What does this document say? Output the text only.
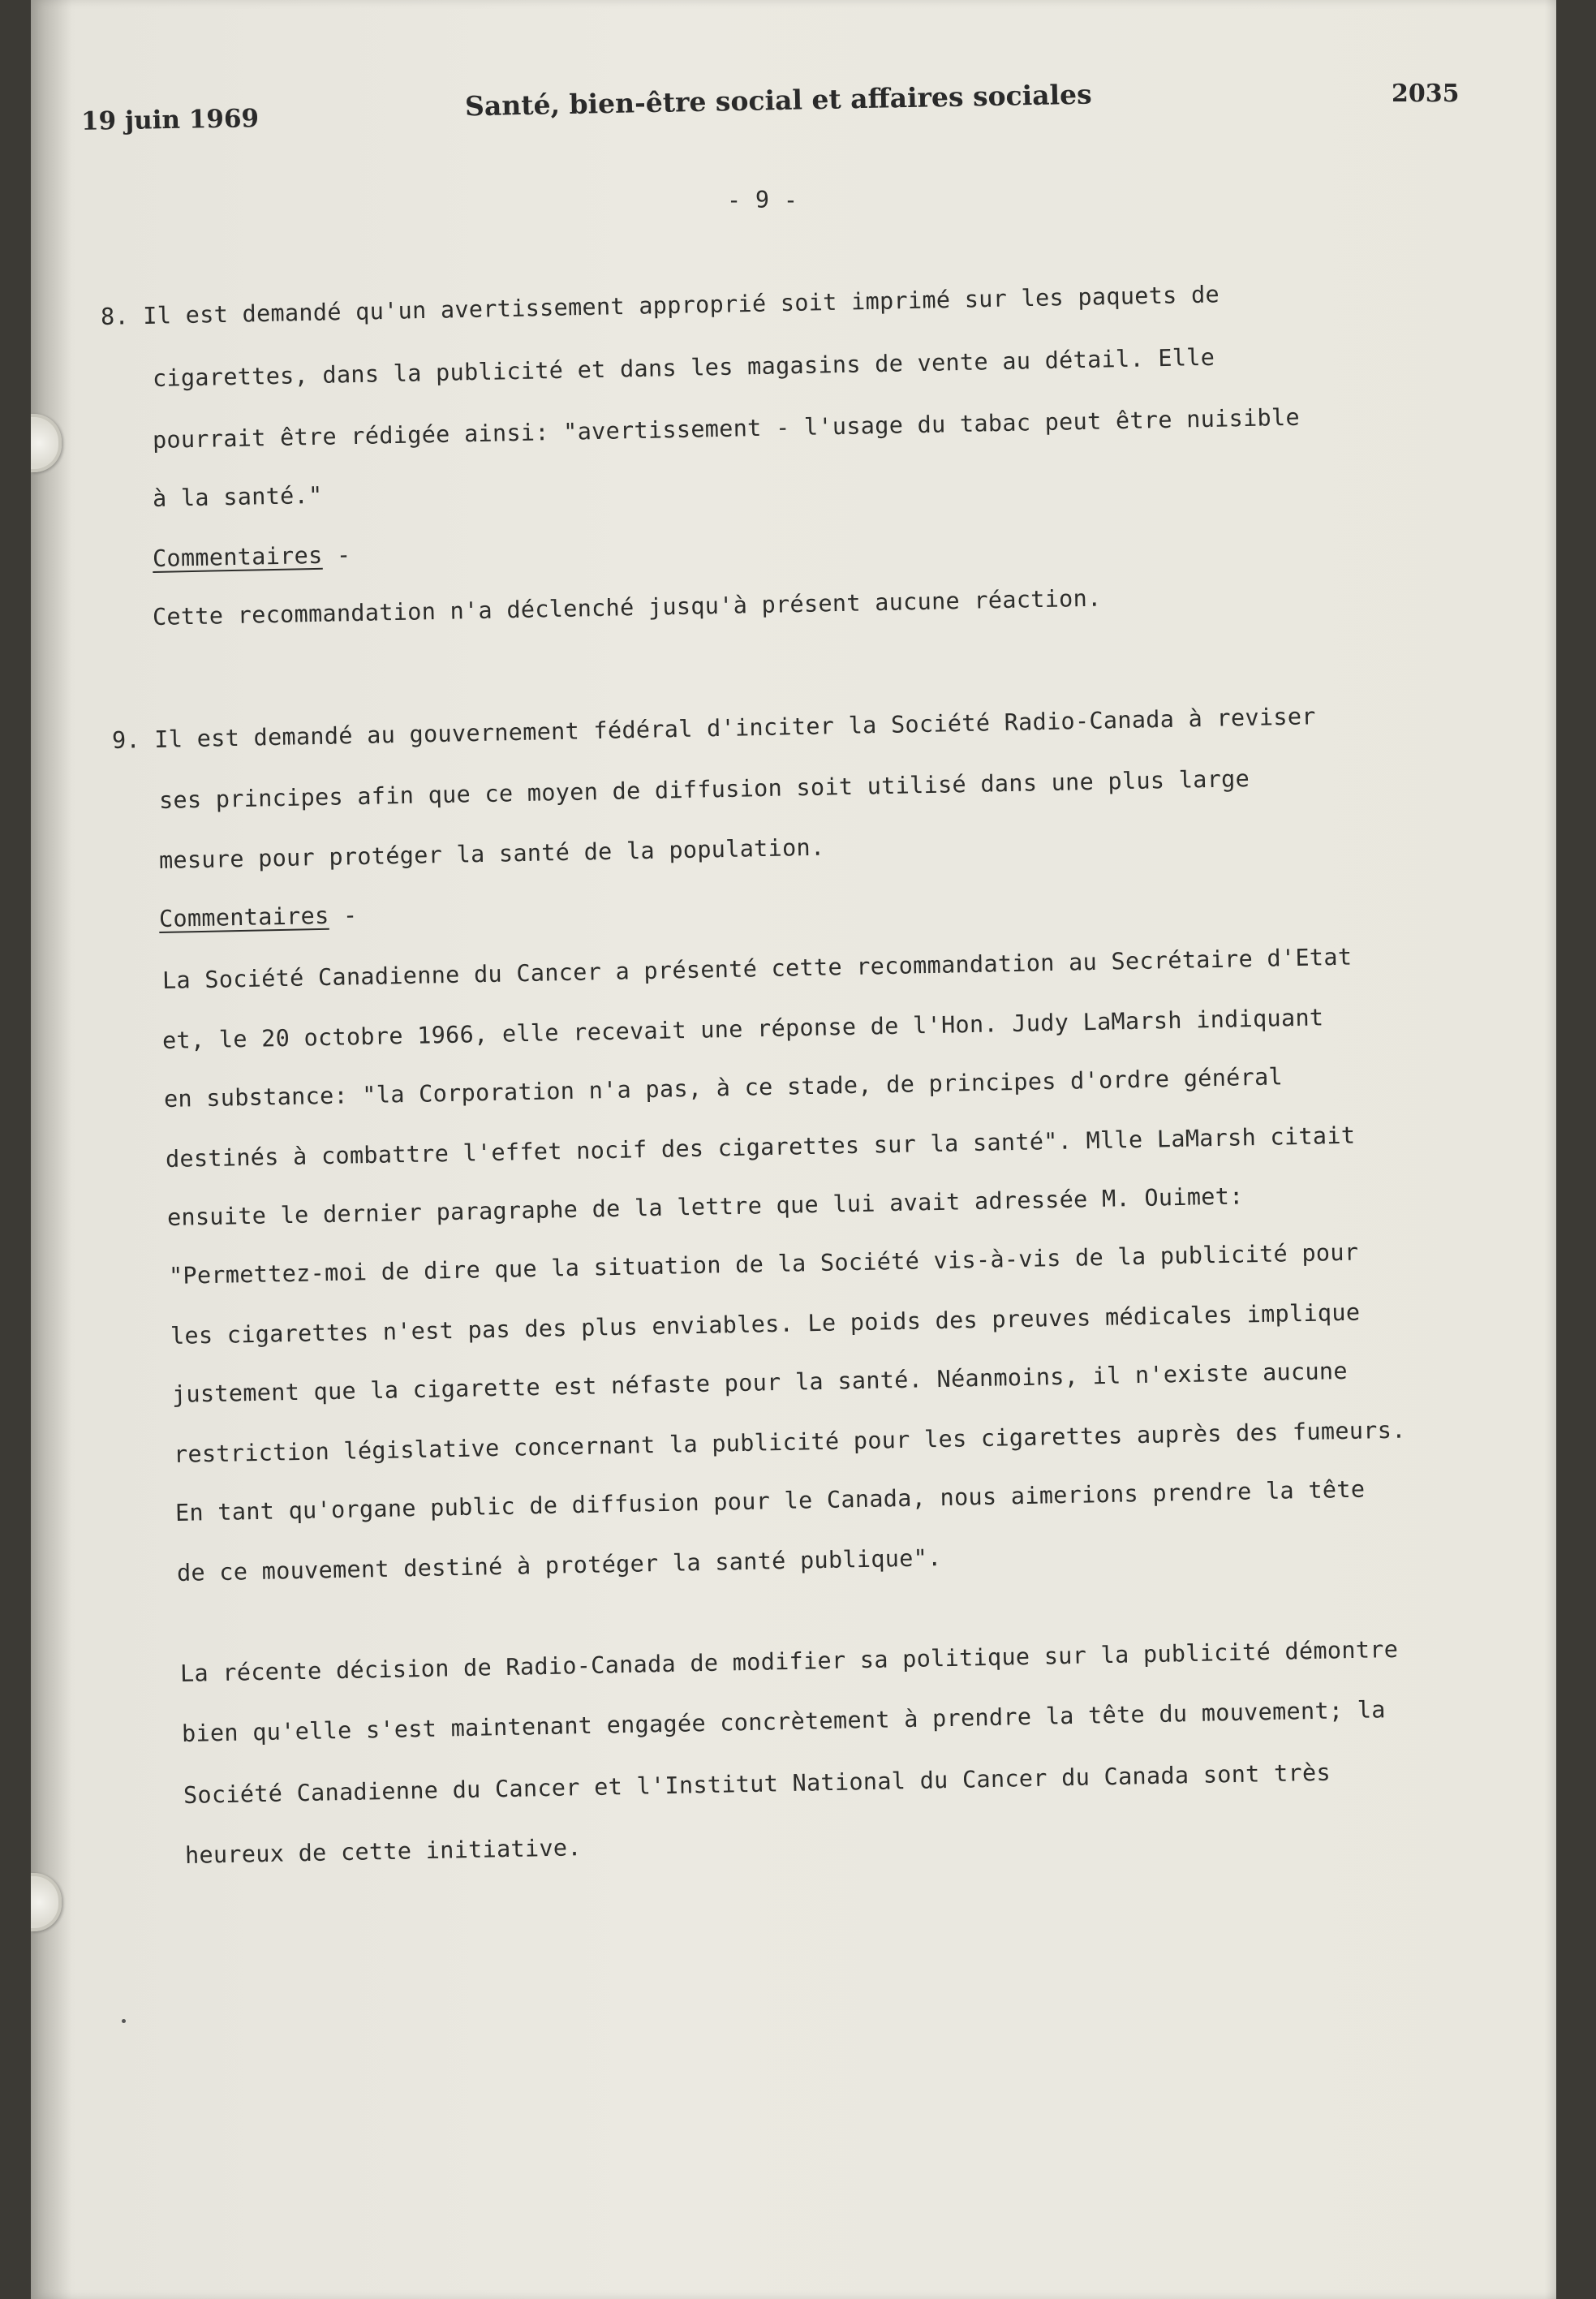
19 juin 1969	Santé, bien-être social et affaires sociales	2035
- 9 -
8. Il est demandé qu'un avertissement approprié soit imprimé sur les paquets de
cigarettes, dans la publicité et dans les magasins de vente au détail. Elle
pourrait être rédigée ainsi: "avertissement - l'usage du tabac peut être nuisible
à la santé."
Commentaires -
Cette recommandation n'a déclenché jusqu'à présent aucune réaction.
9. Il est demandé au gouvernement fédéral d'inciter la Société Radio-Canada à reviser
ses principes afin que ce moyen de diffusion soit utilisé dans une plus large
mesure pour protéger la santé de la population.
Commentaires -
La Société Canadienne du Cancer a présenté cette recommandation au Secrétaire d'Etat
et, le 20 octobre 1966, elle recevait une réponse de l'Hon. Judy LaMarsh indiquant
en substance: "la Corporation n'a pas, à ce stade, de principes d'ordre général
destinés à combattre l'effet nocif des cigarettes sur la santé". Mlle LaMarsh citait
ensuite le dernier paragraphe de la lettre que lui avait adressée M. Ouimet:
"Permettez-moi de dire que la situation de la Société vis-à-vis de la publicité pour
les cigarettes n'est pas des plus enviables. Le poids des preuves médicales implique
justement que la cigarette est néfaste pour la santé. Néanmoins, il n'existe aucune
restriction législative concernant la publicité pour les cigarettes auprès des fumeurs.
En tant qu'organe public de diffusion pour le Canada, nous aimerions prendre la tête
de ce mouvement destiné à protéger la santé publique".
La récente décision de Radio-Canada de modifier sa politique sur la publicité démontre
bien qu'elle s'est maintenant engagée concrètement à prendre la tête du mouvement; la
Société Canadienne du Cancer et l'Institut National du Cancer du Canada sont très
heureux de cette initiative.
